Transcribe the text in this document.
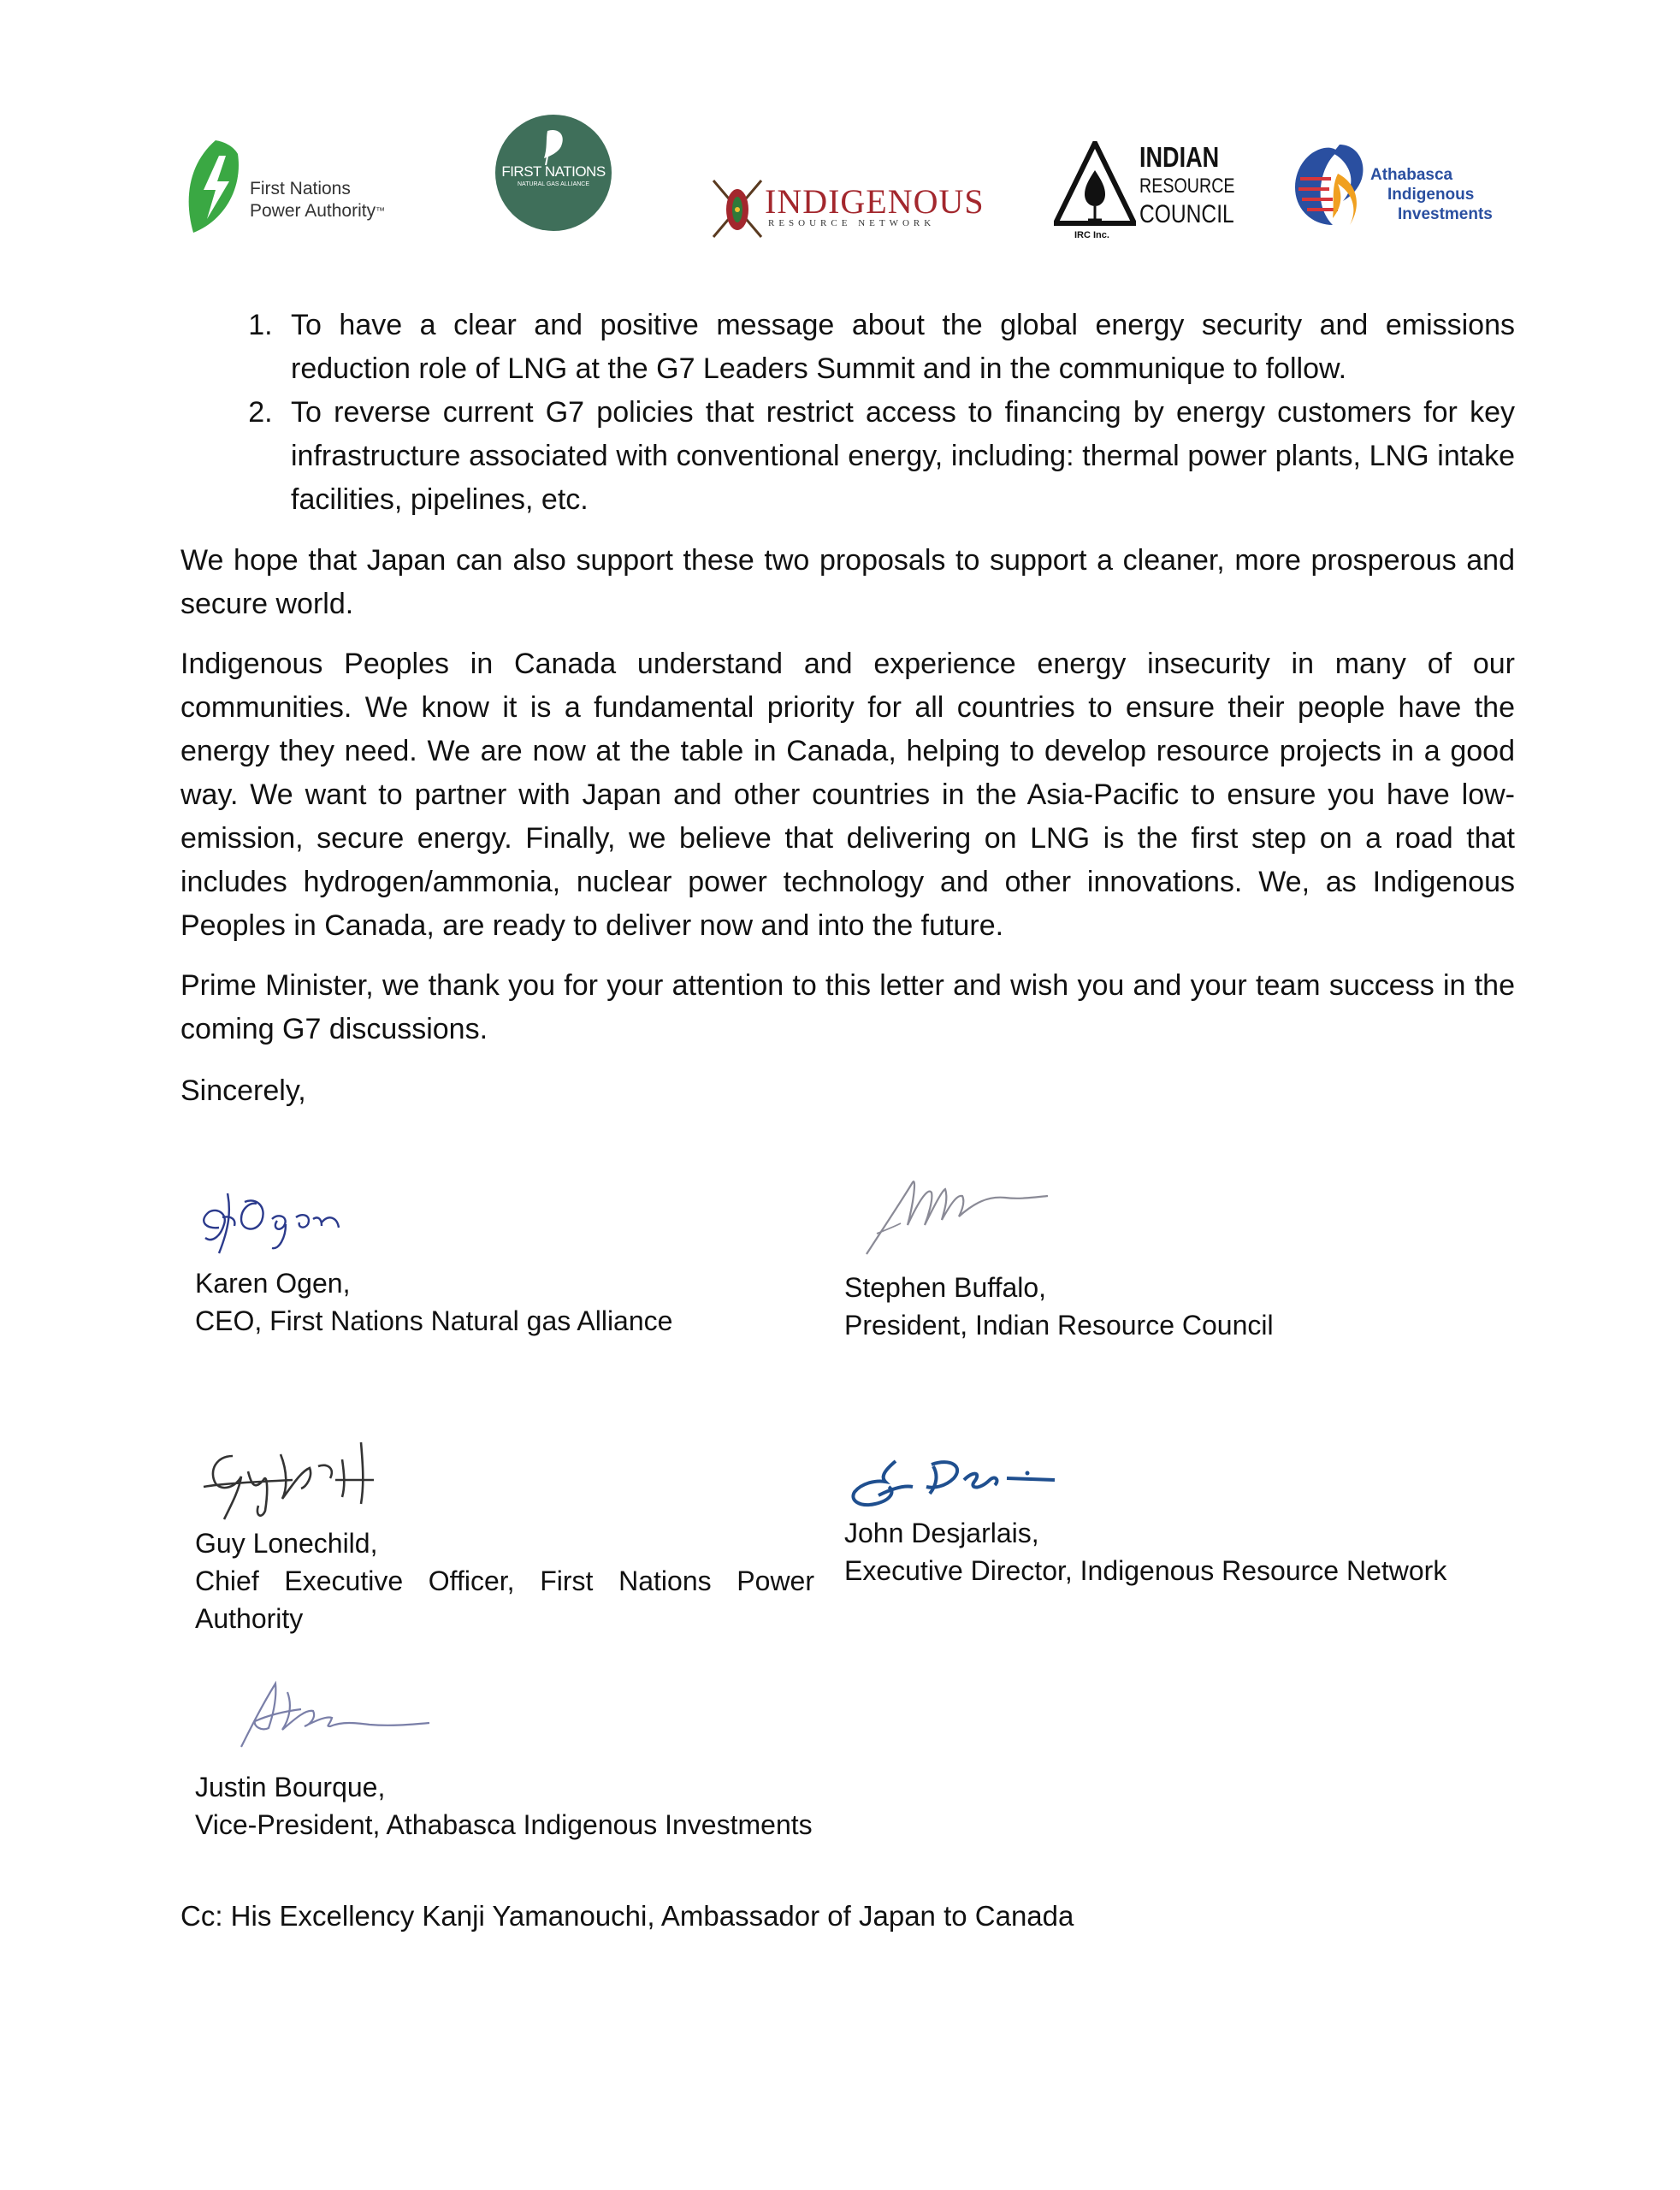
First Nations
Power Authority™
FIRST NATIONS
NATURAL GAS ALLIANCE	INDIGENOUS
RESOURCE NETWORK
INDIAN
RESOURCE
COUNCIL
IRC Inc.
Athabasca
Indigenous
Investments
1. To have a clear and positive message about the global energy security and emissions reduction role of LNG at the G7 Leaders Summit and in the communique to follow.
2. To reverse current G7 policies that restrict access to financing by energy customers for key infrastructure associated with conventional energy, including: thermal power plants, LNG intake facilities, pipelines, etc.

We hope that Japan can also support these two proposals to support a cleaner, more prosperous and secure world.

Indigenous Peoples in Canada understand and experience energy insecurity in many of our communities. We know it is a fundamental priority for all countries to ensure their people have the energy they need. We are now at the table in Canada, helping to develop resource projects in a good way. We want to partner with Japan and other countries in the Asia-Pacific to ensure you have low-emission, secure energy. Finally, we believe that delivering on LNG is the first step on a road that includes hydrogen/ammonia, nuclear power technology and other innovations. We, as Indigenous Peoples in Canada, are ready to deliver now and into the future.

Prime Minister, we thank you for your attention to this letter and wish you and your team success in the coming G7 discussions.

Sincerely,

Karen Ogen,
CEO, First Nations Natural gas Alliance
Stephen Buffalo,
President, Indian Resource Council
Guy Lonechild,
Chief Executive Officer, First Nations Power Authority
John Desjarlais,
Executive Director, Indigenous Resource Network
Justin Bourque,
Vice-President, Athabasca Indigenous Investments
Cc: His Excellency Kanji Yamanouchi, Ambassador of Japan to Canada
